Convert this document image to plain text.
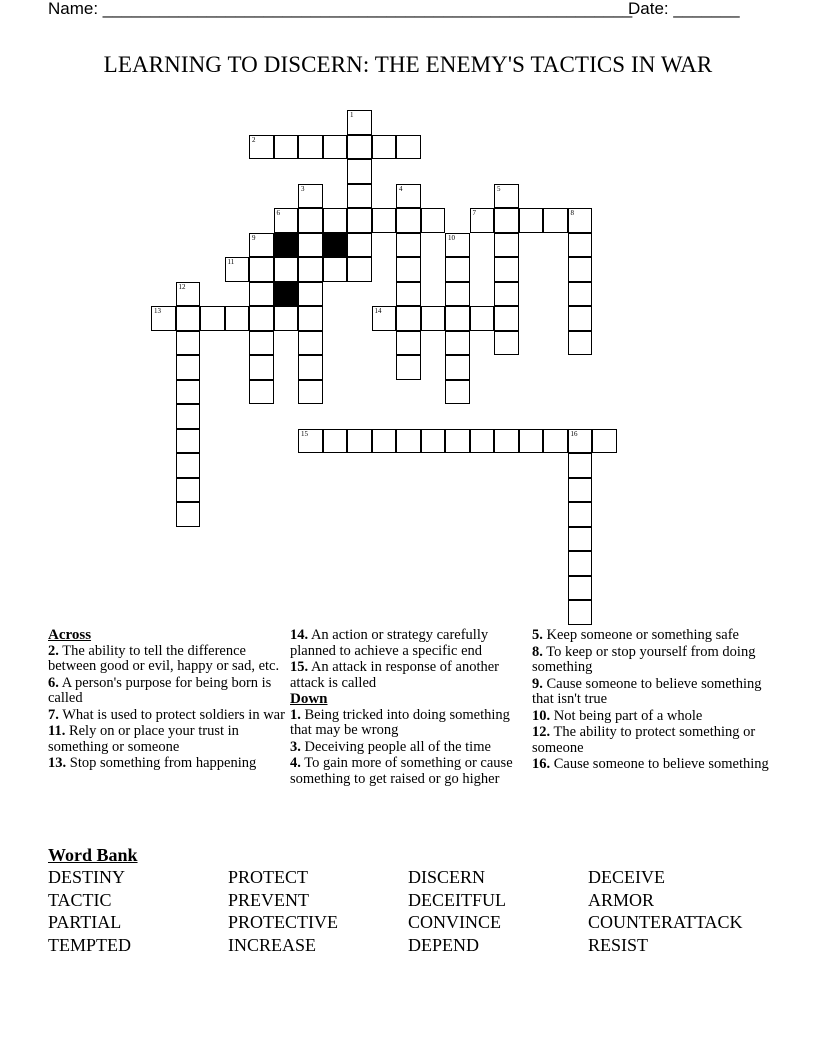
Name: ________________________________________________________
Date: _______
LEARNING TO DISCERN: THE ENEMY'S TACTICS IN WAR
2
6	7	8
11
13	14
15	16
1
3	4	5
9	10
12
Across
2. The ability to tell the difference between good or evil, happy or sad, etc.
6. A person's purpose for being born is called
7. What is used to protect soldiers in war
11. Rely on or place your trust in something or someone
13. Stop something from happening
14. An action or strategy carefully planned to achieve a specific end
15. An attack in response of another attack is called
Down
1. Being tricked into doing something that may be wrong
3. Deceiving people all of the time
4. To gain more of something or cause something to get raised or go higher
5. Keep someone or something safe
8. To keep or stop yourself from doing something
9. Cause someone to believe something that isn't true
10. Not being part of a whole
12. The ability to protect something or someone
16. Cause someone to believe something
Word Bank
DESTINY	PROTECT	DISCERN	DECEIVE
TACTIC	PREVENT	DECEITFUL	ARMOR
PARTIAL	PROTECTIVE	CONVINCE	COUNTERATTACK
TEMPTED	INCREASE	DEPEND	RESIST
